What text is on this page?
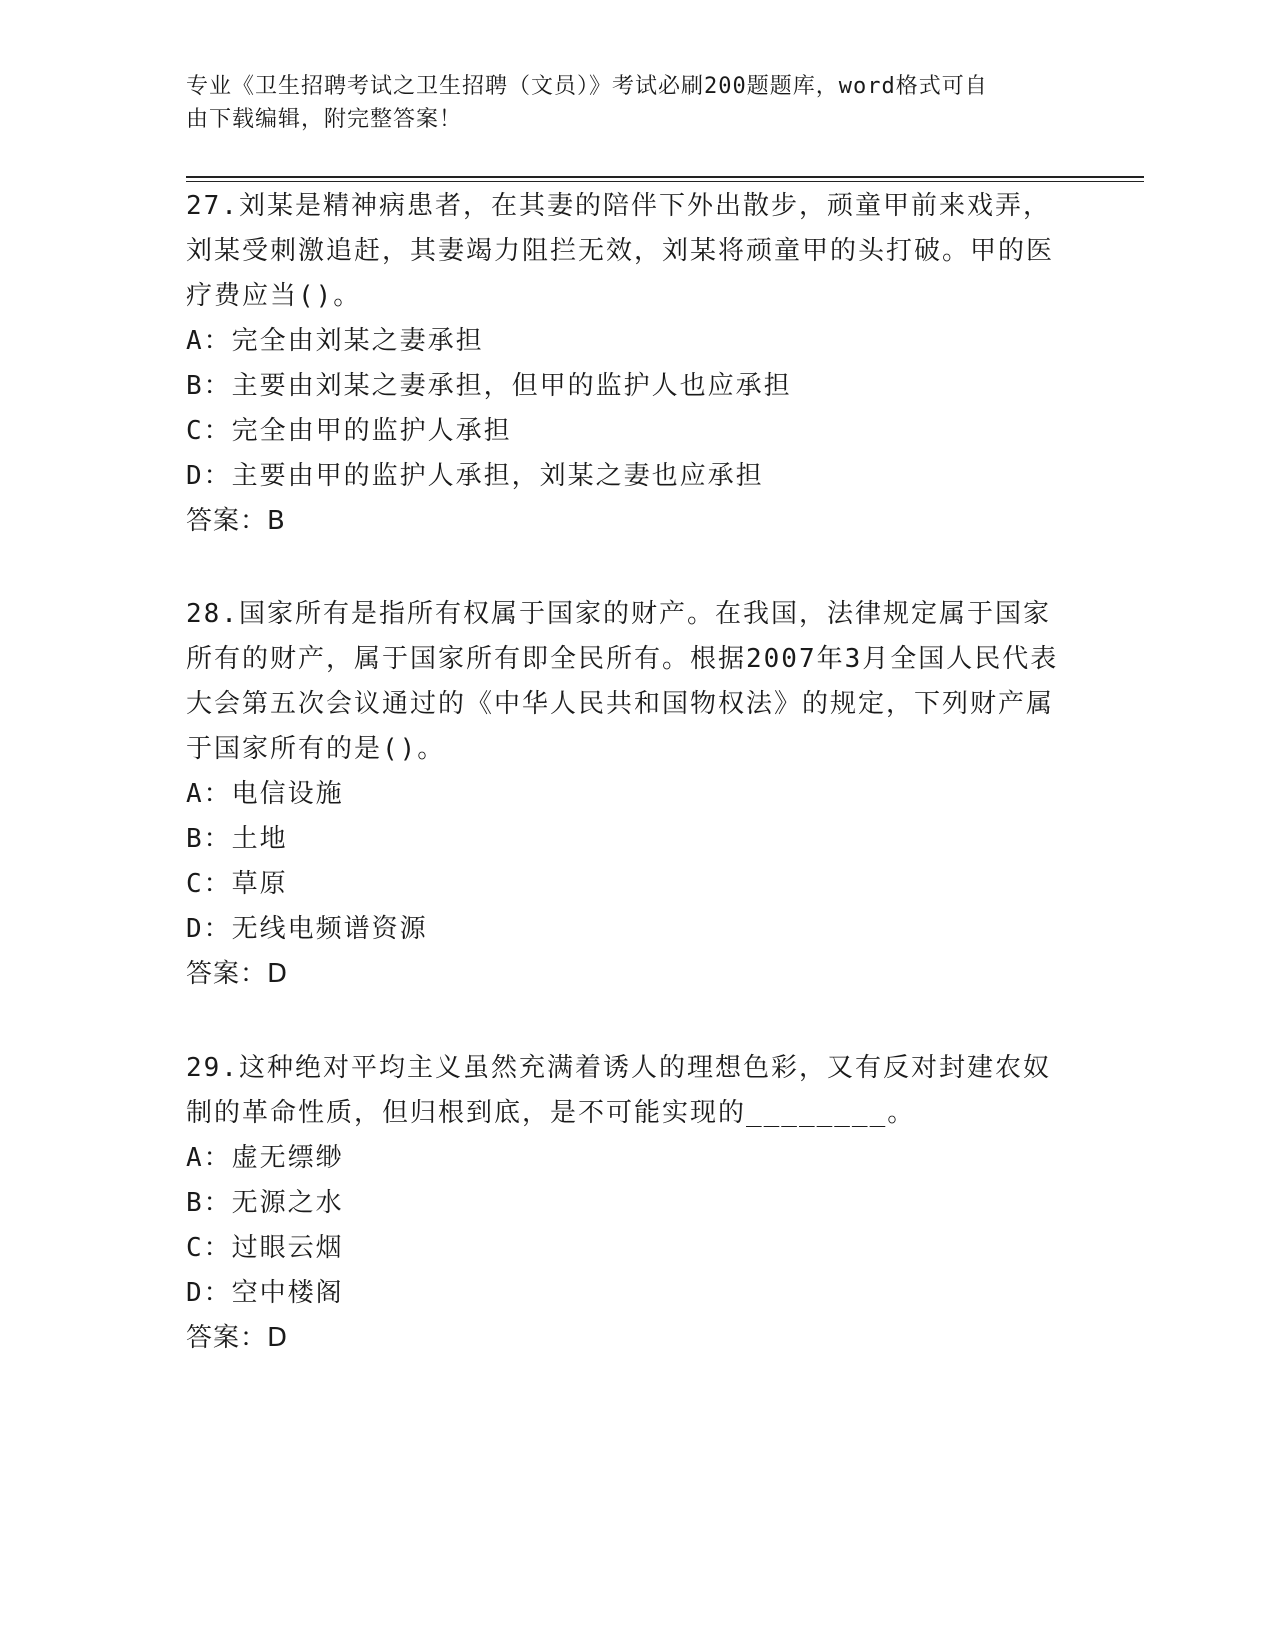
专业《卫生招聘考试之卫生招聘（文员）》考试必刷200题题库，word格式可自
由下载编辑，附完整答案！
27.刘某是精神病患者，在其妻的陪伴下外出散步，顽童甲前来戏弄，刘某受刺激追赶，其妻竭力阻拦无效，刘某将顽童甲的头打破。甲的医疗费应当()。
A：完全由刘某之妻承担
B：主要由刘某之妻承担，但甲的监护人也应承担
C：完全由甲的监护人承担
D：主要由甲的监护人承担，刘某之妻也应承担
答案：B
28.国家所有是指所有权属于国家的财产。在我国，法律规定属于国家所有的财产，属于国家所有即全民所有。根据2007年3月全国人民代表大会第五次会议通过的《中华人民共和国物权法》的规定，下列财产属于国家所有的是()。
A：电信设施
B：土地
C：草原
D：无线电频谱资源
答案：D
29.这种绝对平均主义虽然充满着诱人的理想色彩，又有反对封建农奴制的革命性质，但归根到底，是不可能实现的________。
A：虚无缥缈
B：无源之水
C：过眼云烟
D：空中楼阁
答案：D
